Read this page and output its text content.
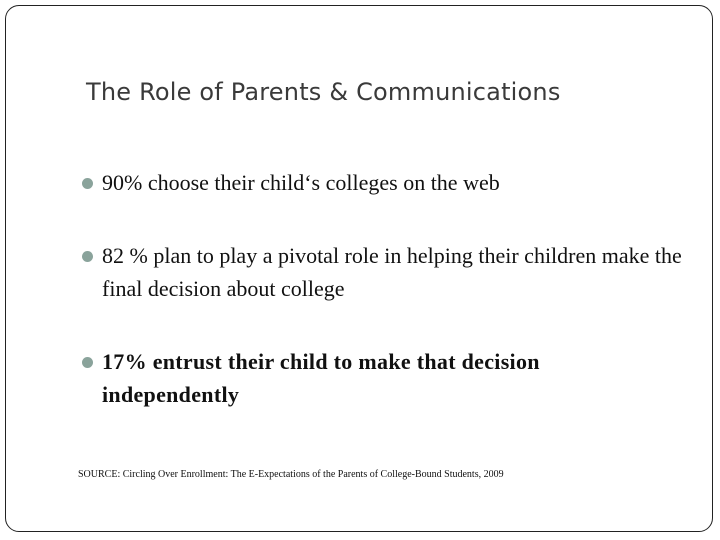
The Role of Parents & Communications
90% choose their child‘s colleges on the web
82 % plan to play a pivotal role in helping their children make the final decision about college
17% entrust their child to make that decision independently

SOURCE: Circling Over Enrollment: The E-Expectations of the Parents of College-Bound Students, 2009
